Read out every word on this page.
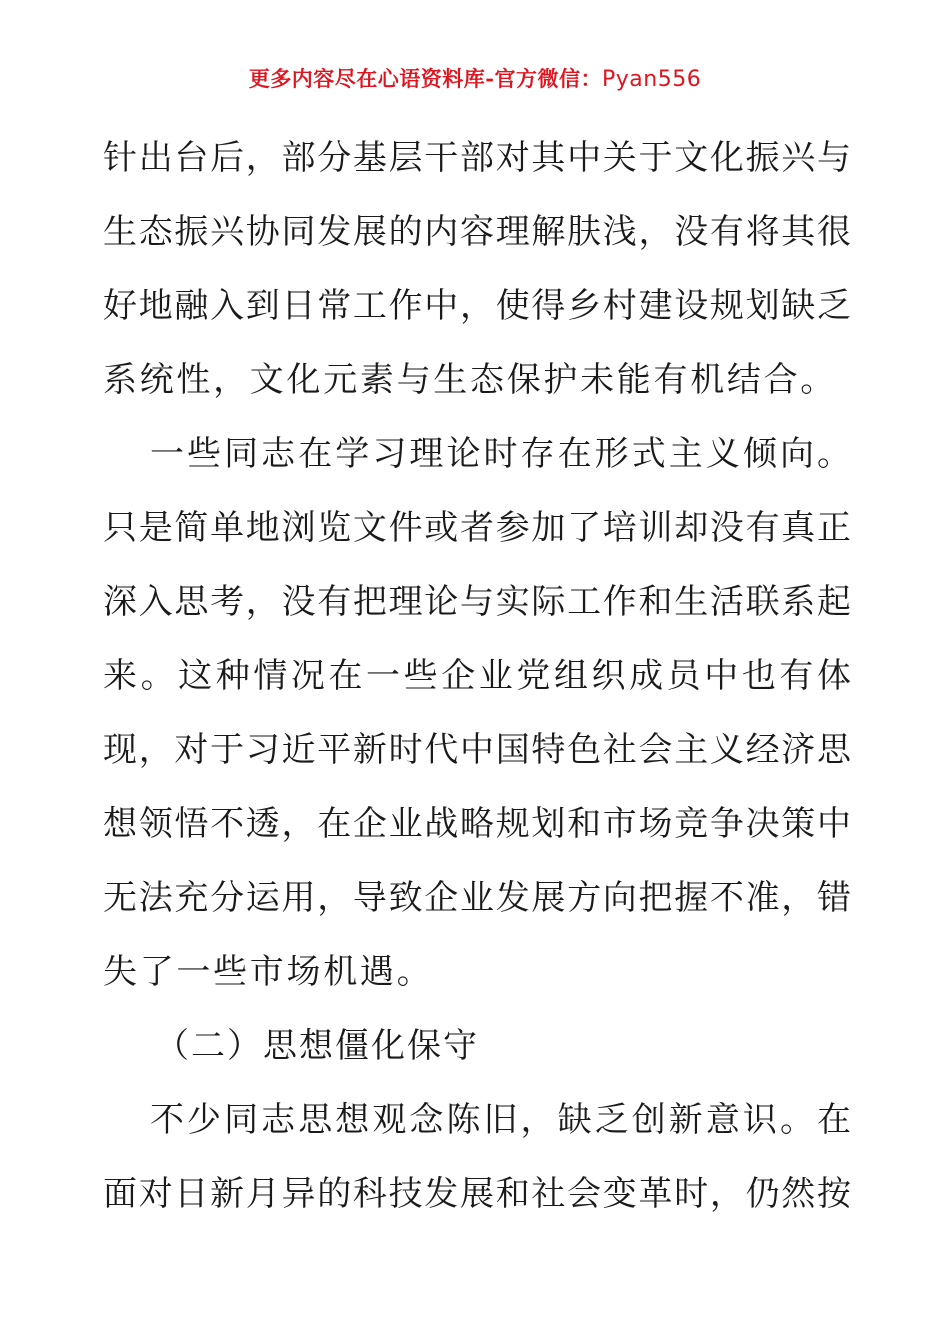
更多内容尽在心语资料库-官方微信：Pyan556
针出台后，部分基层干部对其中关于文化振兴与
生态振兴协同发展的内容理解肤浅，没有将其很
好地融入到日常工作中，使得乡村建设规划缺乏
系统性，文化元素与生态保护未能有机结合。
一些同志在学习理论时存在形式主义倾向。
只是简单地浏览文件或者参加了培训却没有真正
深入思考，没有把理论与实际工作和生活联系起
来。这种情况在一些企业党组织成员中也有体
现，对于习近平新时代中国特色社会主义经济思
想领悟不透，在企业战略规划和市场竞争决策中
无法充分运用，导致企业发展方向把握不准，错
失了一些市场机遇。
（二）思想僵化保守
不少同志思想观念陈旧，缺乏创新意识。在
面对日新月异的科技发展和社会变革时，仍然按
